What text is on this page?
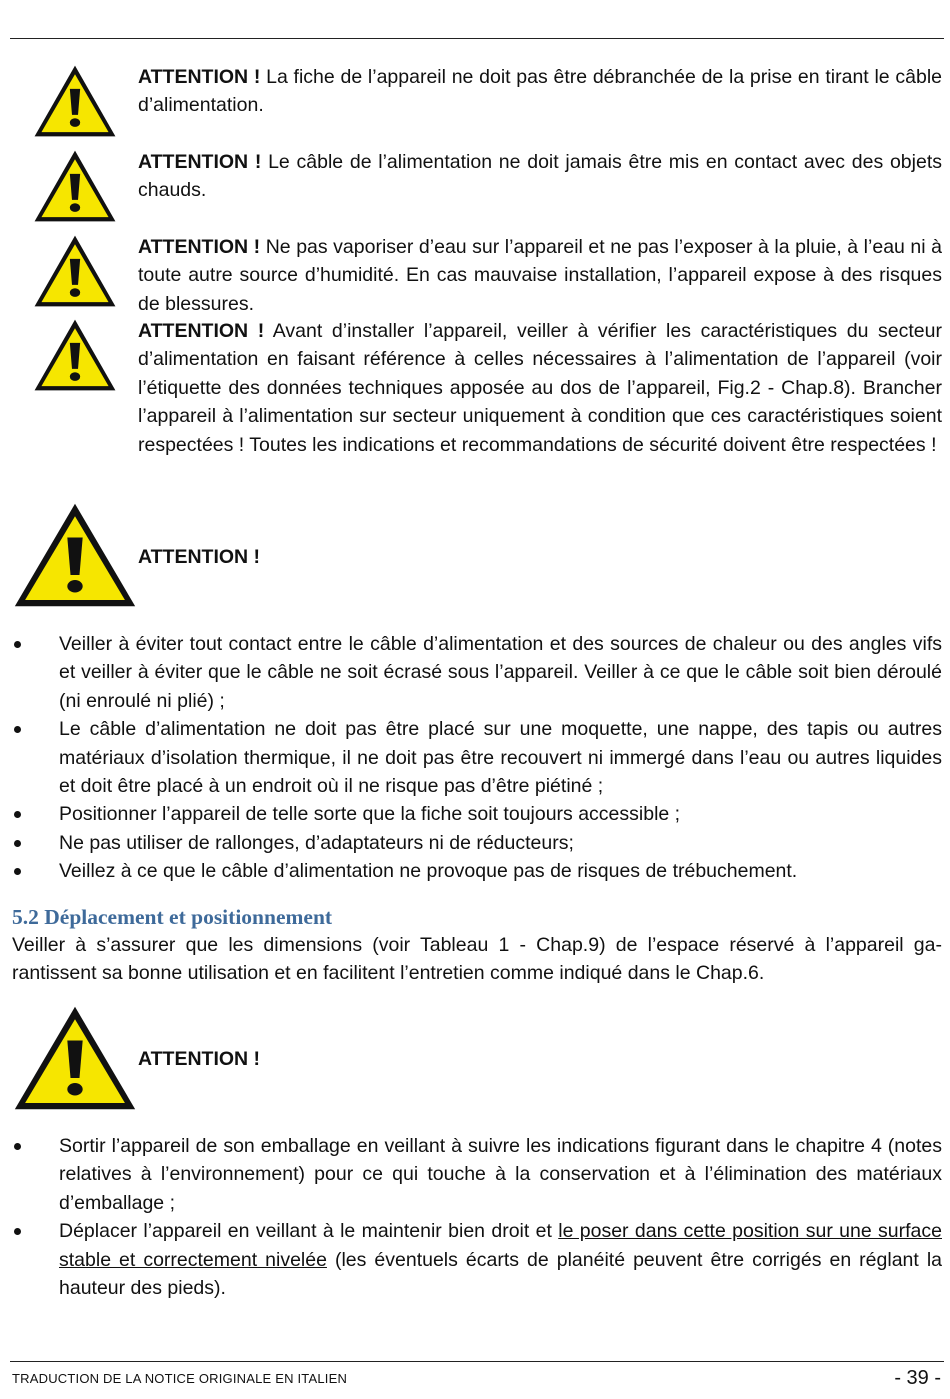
ATTENTION ! La fiche de l’appareil ne doit pas être débranchée de la prise en tirant le câble d’alimentation.

ATTENTION ! Le câble de l’alimentation ne doit jamais être mis en contact avec des objets chauds.

ATTENTION ! Ne pas vaporiser d’eau sur l’appareil et ne pas l’exposer à la pluie, à l’eau ni à toute autre source d’humidité. En cas mauvaise installation, l’appareil expose à des risques de blessures.

ATTENTION ! Avant d’installer l’appareil, veiller à vérifier les caractéristiques du secteur d’alimentation en faisant référence à celles nécessaires à l’alimentation de l’appareil (voir l’étiquette des données techniques apposée au dos de l’appareil, Fig.2 - Chap.8). Brancher l’appareil à l’alimentation sur secteur uniquement à condition que ces caractéristiques soient respectées ! Toutes les indications et recommandations de sécurité doivent être respectées !

ATTENTION !

Veiller à éviter tout contact entre le câble d’alimentation et des sources de chaleur ou des angles vifs et veiller à éviter que le câble ne soit écrasé sous l’appareil. Veiller à ce que le câble soit bien déroulé (ni enroulé ni plié) ;
Le câble d’alimentation ne doit pas être placé sur une moquette, une nappe, des tapis ou autres matériaux d’isolation thermique, il ne doit pas être recouvert ni immergé dans l’eau ou autres liquides et doit être placé à un endroit où il ne risque pas d’être piétiné ;
Positionner l’appareil de telle sorte que la fiche soit toujours accessible ;
Ne pas utiliser de rallonges, d’adaptateurs ni de réducteurs;
Veillez à ce que le câble d’alimentation ne provoque pas de risques de trébuchement.
5.2 Déplacement et positionnement

Veiller à s’assurer que les dimensions (voir Tableau 1 - Chap.9) de l’espace réservé à l’appareil garantissent sa bonne utilisation et en facilitent l’entretien comme indiqué dans le Chap.6.

ATTENTION !

Sortir l’appareil de son emballage en veillant à suivre les indications figurant dans le chapitre 4 (notes relatives à l’environnement) pour ce qui touche à la conservation et à l’élimination des matériaux d’emballage ;
Déplacer l’appareil en veillant à le maintenir bien droit et le poser dans cette position sur une surface stable et correctement nivelée (les éventuels écarts de planéité peuvent être corrigés en réglant la hauteur des pieds).
TRADUCTION DE LA NOTICE ORIGINALE EN ITALIEN	- 39 -
